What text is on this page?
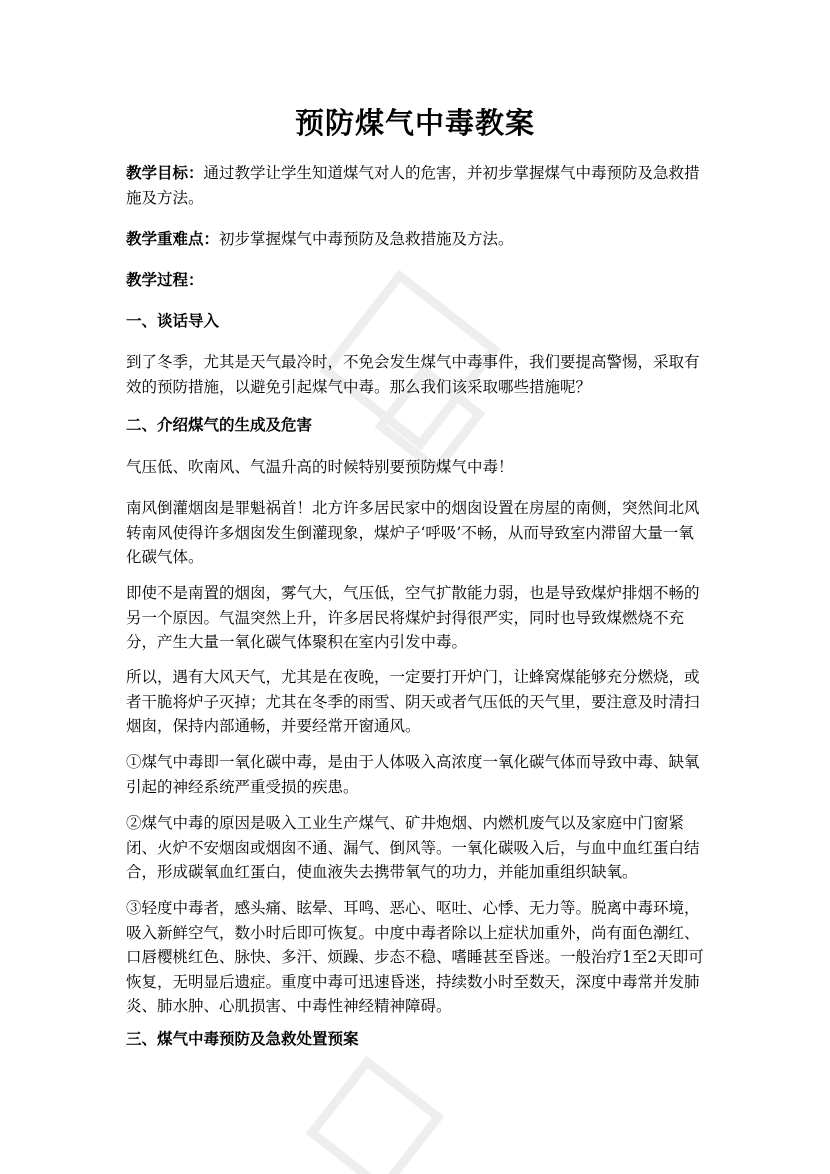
预防煤气中毒教案
教学目标：通过教学让学生知道煤气对人的危害，并初步掌握煤气中毒预防及急救措施及方法。
教学重难点：初步掌握煤气中毒预防及急救措施及方法。
教学过程：
一、谈话导入
到了冬季，尤其是天气最冷时，不免会发生煤气中毒事件，我们要提高警惕，采取有效的预防措施，以避免引起煤气中毒。那么我们该采取哪些措施呢？
二、介绍煤气的生成及危害
气压低、吹南风、气温升高的时候特别要预防煤气中毒！
南风倒灌烟囱是罪魁祸首！北方许多居民家中的烟囱设置在房屋的南侧，突然间北风转南风使得许多烟囱发生倒灌现象，煤炉子‘呼吸’不畅，从而导致室内滞留大量一氧化碳气体。
即使不是南置的烟囱，雾气大，气压低，空气扩散能力弱，也是导致煤炉排烟不畅的另一个原因。气温突然上升，许多居民将煤炉封得很严实，同时也导致煤燃烧不充分，产生大量一氧化碳气体聚积在室内引发中毒。
所以，遇有大风天气，尤其是在夜晚，一定要打开炉门，让蜂窝煤能够充分燃烧，或者干脆将炉子灭掉；尤其在冬季的雨雪、阴天或者气压低的天气里，要注意及时清扫烟囱，保持内部通畅，并要经常开窗通风。
①煤气中毒即一氧化碳中毒，是由于人体吸入高浓度一氧化碳气体而导致中毒、缺氧引起的神经系统严重受损的疾患。
②煤气中毒的原因是吸入工业生产煤气、矿井炮烟、内燃机废气以及家庭中门窗紧闭、火炉不安烟囱或烟囱不通、漏气、倒风等。一氧化碳吸入后，与血中血红蛋白结合，形成碳氧血红蛋白，使血液失去携带氧气的功力，并能加重组织缺氧。
③轻度中毒者，感头痛、眩晕、耳鸣、恶心、呕吐、心悸、无力等。脱离中毒环境，吸入新鲜空气，数小时后即可恢复。中度中毒者除以上症状加重外，尚有面色潮红、口唇樱桃红色、脉快、多汗、烦躁、步态不稳、嗜睡甚至昏迷。一般治疗1至2天即可恢复，无明显后遗症。重度中毒可迅速昏迷，持续数小时至数天，深度中毒常并发肺炎、肺水肿、心肌损害、中毒性神经精神障碍。
三、煤气中毒预防及急救处置预案
